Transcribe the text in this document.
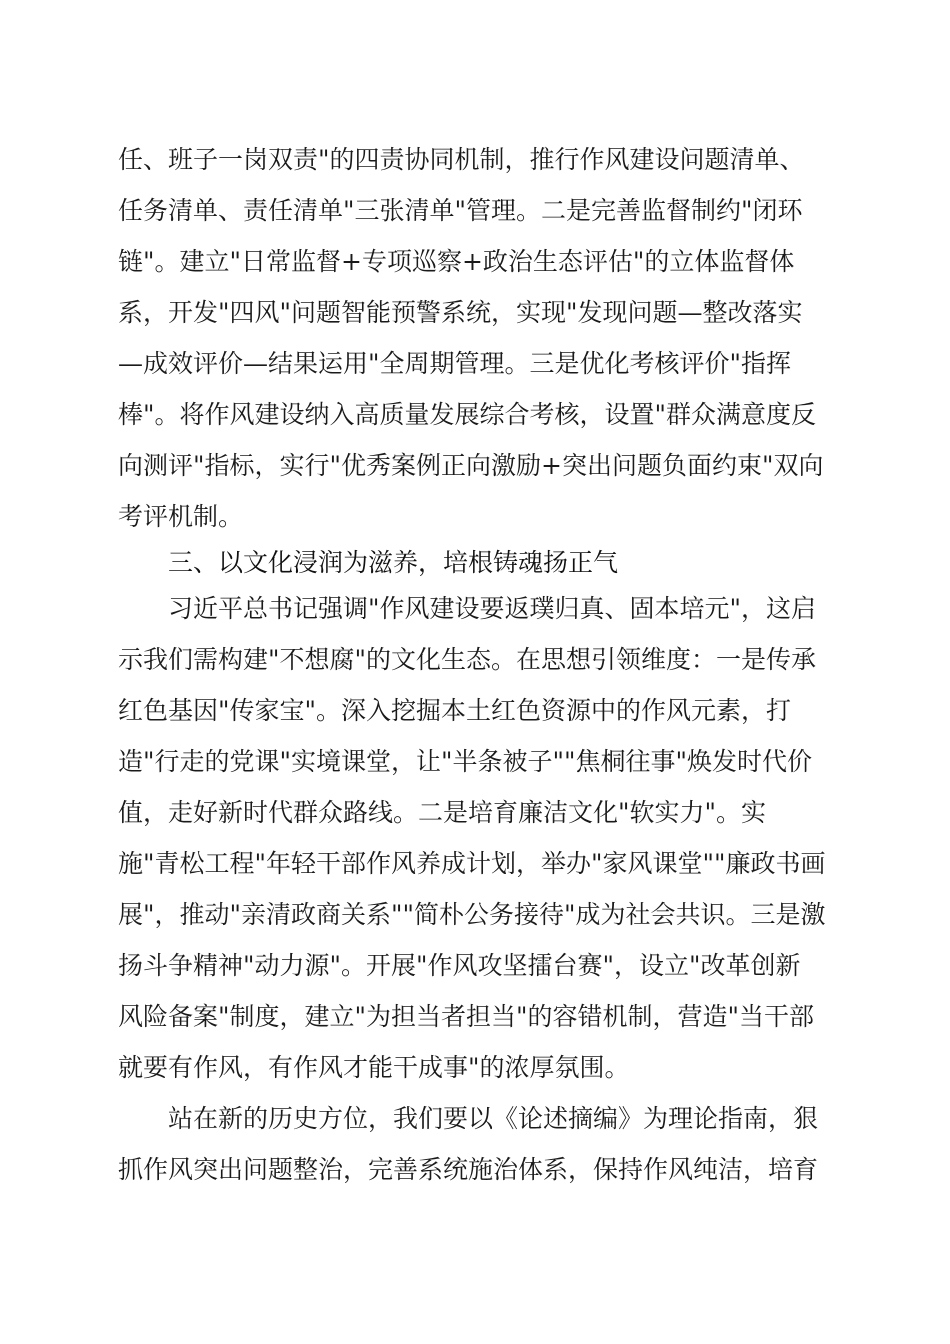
任、班子一岗双责"的四责协同机制，推行作风建设问题清单、

任务清单、责任清单"三张清单"管理。二是完善监督制约"闭环

链"。建立"日常监督+专项巡察+政治生态评估"的立体监督体

系，开发"四风"问题智能预警系统，实现"发现问题—整改落实

—成效评价—结果运用"全周期管理。三是优化考核评价"指挥

棒"。将作风建设纳入高质量发展综合考核，设置"群众满意度反

向测评"指标，实行"优秀案例正向激励+突出问题负面约束"双向

考评机制。

三、以文化浸润为滋养，培根铸魂扬正气

习近平总书记强调"作风建设要返璞归真、固本培元"，这启

示我们需构建"不想腐"的文化生态。在思想引领维度：一是传承

红色基因"传家宝"。深入挖掘本土红色资源中的作风元素，打

造"行走的党课"实境课堂，让"半条被子""焦桐往事"焕发时代价

值，走好新时代群众路线。二是培育廉洁文化"软实力"。实

施"青松工程"年轻干部作风养成计划，举办"家风课堂""廉政书画

展"，推动"亲清政商关系""简朴公务接待"成为社会共识。三是激

扬斗争精神"动力源"。开展"作风攻坚擂台赛"，设立"改革创新

风险备案"制度，建立"为担当者担当"的容错机制，营造"当干部

就要有作风，有作风才能干成事"的浓厚氛围。

站在新的历史方位，我们要以《论述摘编》为理论指南，狠

抓作风突出问题整治，完善系统施治体系，保持作风纯洁，培育
